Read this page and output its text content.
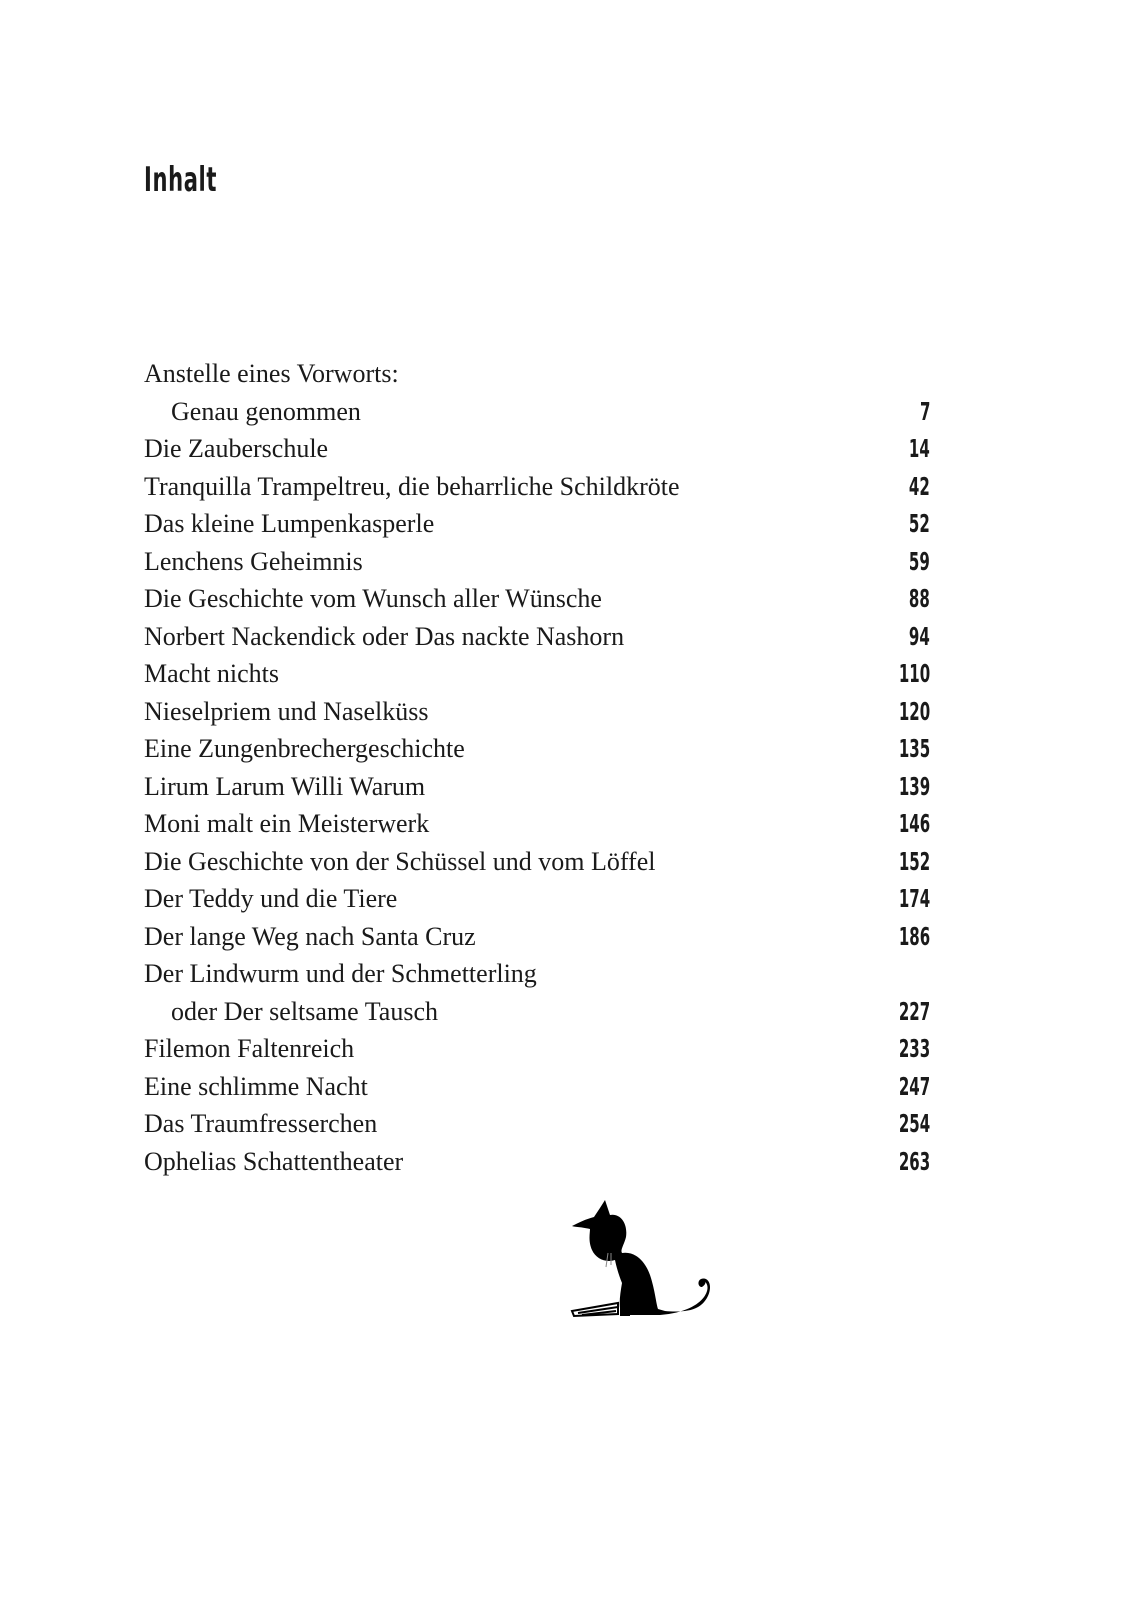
Inhalt
Anstelle eines Vorworts:
Genau genommen	7
Die Zauberschule	14
Tranquilla Trampeltreu, die beharrliche Schildkröte	42
Das kleine Lumpenkasperle	52
Lenchens Geheimnis	59
Die Geschichte vom Wunsch aller Wünsche	88
Norbert Nackendick oder Das nackte Nashorn	94
Macht nichts	110
Nieselpriem und Naselküss	120
Eine Zungenbrechergeschichte	135
Lirum Larum Willi Warum	139
Moni malt ein Meisterwerk	146
Die Geschichte von der Schüssel und vom Löffel	152
Der Teddy und die Tiere	174
Der lange Weg nach Santa Cruz	186
Der Lindwurm und der Schmetterling
oder Der seltsame Tausch	227
Filemon Faltenreich	233
Eine schlimme Nacht	247
Das Traumfresserchen	254
Ophelias Schattentheater	263
